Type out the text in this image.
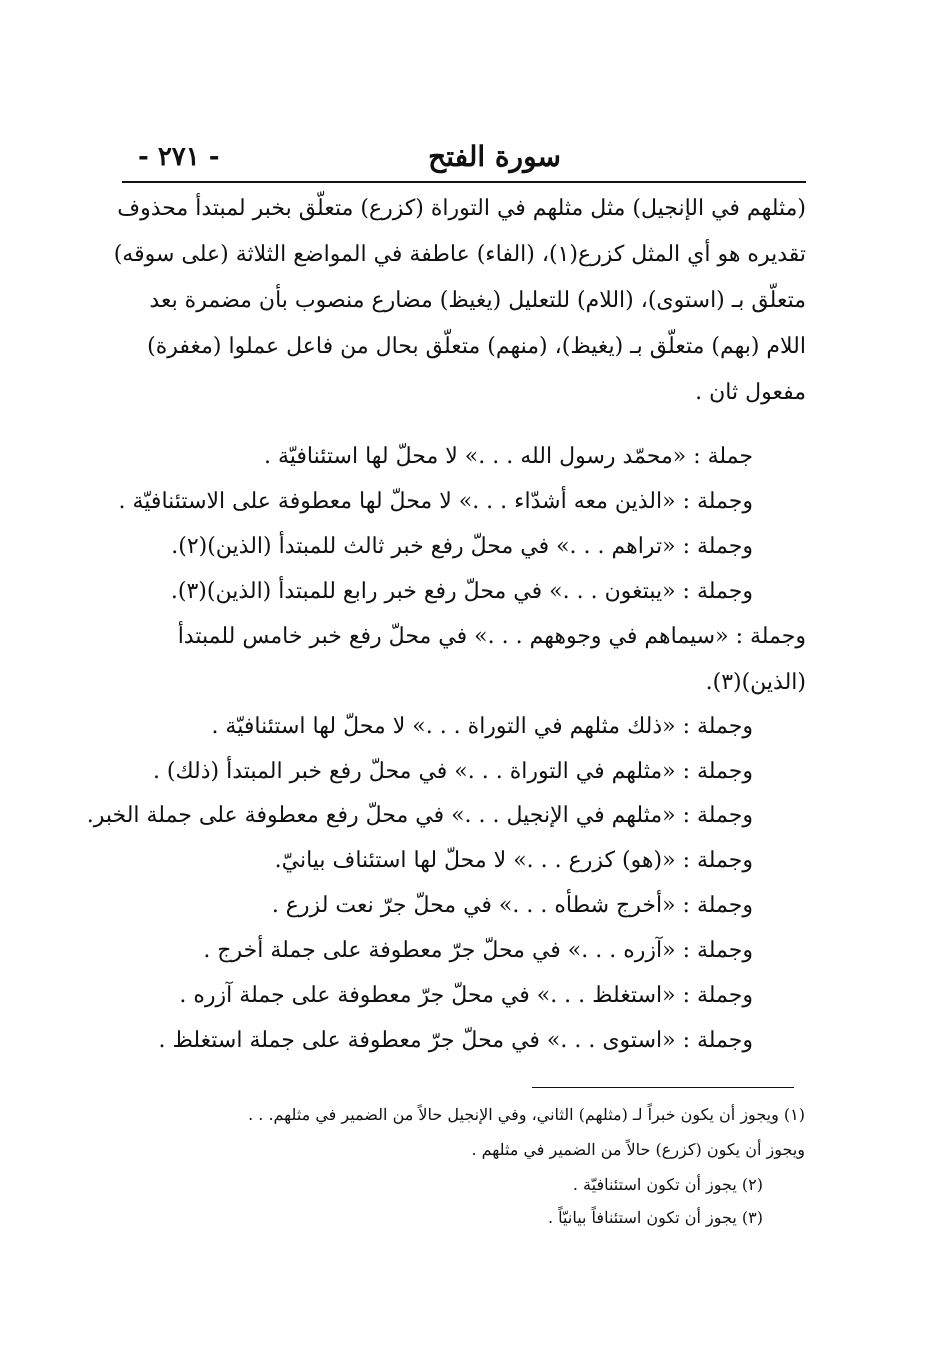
سورة الفتح
- ٢٧١ -
(مثلهم في الإنجيل) مثل مثلهم في التوراة (كزرع) متعلّق بخبر لمبتدأ محذوف
تقديره هو أي المثل كزرع(١)، (الفاء) عاطفة في المواضع الثلاثة (على سوقه)
متعلّق بـ (استوى)، (اللام) للتعليل (يغيظ) مضارع منصوب بأن مضمرة بعد
اللام (بهم) متعلّق بـ (يغيظ)، (منهم) متعلّق بحال من فاعل عملوا (مغفرة)
مفعول ثان .
جملة : «محمّد رسول الله . . .» لا محلّ لها استئنافيّة .
وجملة : «الذين معه أشدّاء . . .» لا محلّ لها معطوفة على الاستئنافيّة .
وجملة : «تراهم . . .» في محلّ رفع خبر ثالث للمبتدأ (الذين)(٢).
وجملة : «يبتغون . . .» في محلّ رفع خبر رابع للمبتدأ (الذين)(٣).
وجملة : «سيماهم في وجوههم . . .» في محلّ رفع خبر خامس للمبتدأ
(الذين)(٣).
وجملة : «ذلك مثلهم في التوراة . . .» لا محلّ لها استئنافيّة .
وجملة : «مثلهم في التوراة . . .» في محلّ رفع خبر المبتدأ (ذلك) .
وجملة : «مثلهم في الإنجيل . . .» في محلّ رفع معطوفة على جملة الخبر.
وجملة : «(هو) كزرع . . .» لا محلّ لها استئناف بيانيّ.
وجملة : «أخرج شطأه . . .» في محلّ جرّ نعت لزرع .
وجملة : «آزره . . .» في محلّ جرّ معطوفة على جملة أخرج .
وجملة : «استغلظ . . .» في محلّ جرّ معطوفة على جملة آزره .
وجملة : «استوى . . .» في محلّ جرّ معطوفة على جملة استغلظ .
(١) ويجوز أن يكون خبراً لـ (مثلهم) الثاني، وفي الإنجيل حالاً من الضمير في مثلهم. . .
ويجوز أن يكون (كزرع) حالاً من الضمير في مثلهم .
(٢) يجوز أن تكون استئنافيّة .
(٣) يجوز أن تكون استئنافاً بيانيّاً .
